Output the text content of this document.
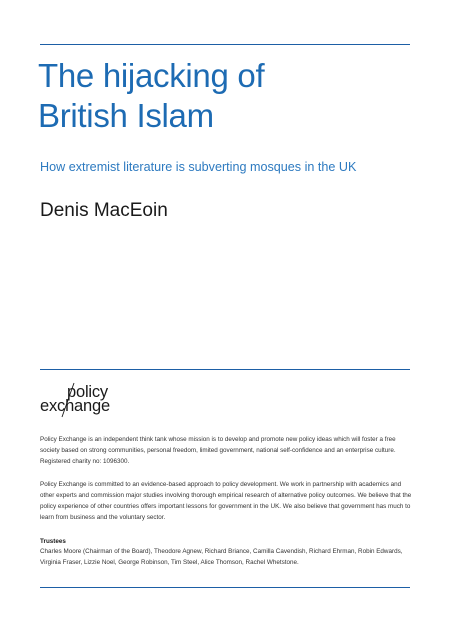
The hijacking of
British Islam
How extremist literature is subverting mosques in the UK
Denis MacEoin
policy
exchange
Policy Exchange is an independent think tank whose mission is to develop and promote new policy ideas which will foster a free society based on strong communities, personal freedom, limited government, national self-confidence and an enterprise culture. Registered charity no: 1096300.
Policy Exchange is committed to an evidence-based approach to policy development. We work in partnership with academics and other experts and commission major studies involving thorough empirical research of alternative policy outcomes. We believe that the policy experience of other countries offers important lessons for government in the UK. We also believe that government has much to learn from business and the voluntary sector.
Trustees
Charles Moore (Chairman of the Board), Theodore Agnew, Richard Briance, Camilla Cavendish, Richard Ehrman, Robin Edwards, Virginia Fraser, Lizzie Noel, George Robinson, Tim Steel, Alice Thomson, Rachel Whetstone.
